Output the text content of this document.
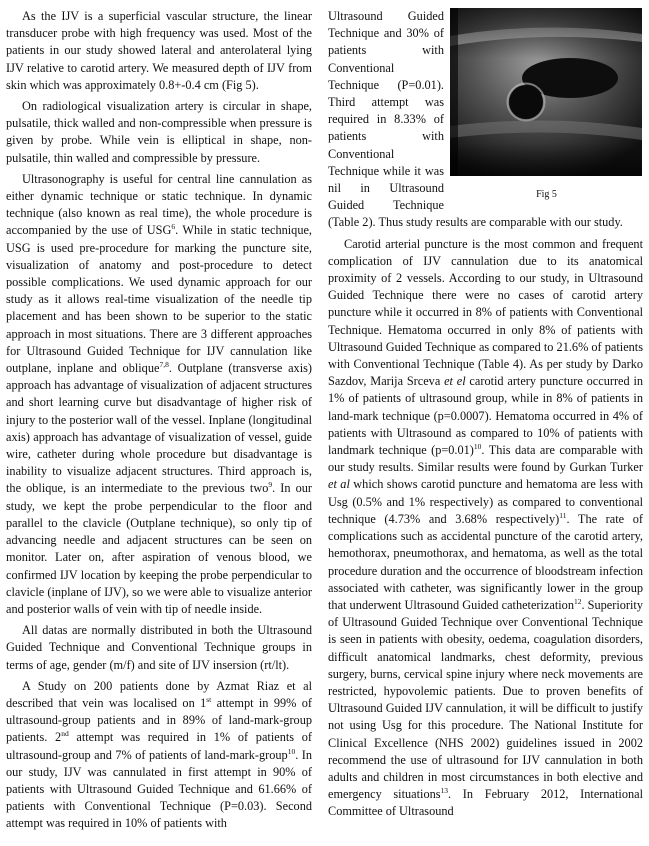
As the IJV is a superficial vascular structure, the linear transducer probe with high frequency was used. Most of the patients in our study showed lateral and anterolateral lying IJV relative to carotid artery. We measured depth of IJV from skin which was approximately 0.8+-0.4 cm (Fig 5).

On radiological visualization artery is circular in shape, pulsatile, thick walled and non-compressible when pressure is given by probe. While vein is elliptical in shape, non-pulsatile, thin walled and compressible by pressure.

Ultrasonography is useful for central line cannulation as either dynamic technique or static technique. In dynamic technique (also known as real time), the whole procedure is accompanied by the use of USG$^6$. While in static technique, USG is used pre-procedure for marking the puncture site, visualization of anatomy and post-procedure to detect possible complications. We used dynamic approach for our study as it allows real-time visualization of the needle tip placement and has been shown to be superior to the static approach in most situations. There are 3 different approaches for Ultrasound Guided Technique for IJV cannulation like outplane, inplane and oblique$^{7,8}$. Outplane (transverse axis) approach has advantage of visualization of adjacent structures and short learning curve but disadvantage of higher risk of injury to the posterior wall of the vessel. Inplane (longitudinal axis) approach has advantage of visualization of vessel, guide wire, catheter during whole procedure but disadvantage is inability to visualize adjacent structures. Third approach is, the oblique, is an intermediate to the previous two$^9$. In our study, we kept the probe perpendicular to the floor and parallel to the clavicle (Outplane technique), so only tip of advancing needle and adjacent structures can be seen on monitor. Later on, after aspiration of venous blood, we confirmed IJV location by keeping the probe perpendicular to clavicle (inplane of IJV), so we were able to visualize anterior and posterior walls of vein with tip of needle inside.

All datas are normally distributed in both the Ultrasound Guided Technique and Conventional Technique groups in terms of age, gender (m/f) and site of IJV insersion (rt/lt).

A Study on 200 patients done by Azmat Riaz et al described that vein was localised on 1st attempt in 99% of ultrasound-group patients and in 89% of land-mark-group patients. 2nd attempt was required in 1% of patients of ultrasound-group and 7% of patients of land-mark-group$^{10}$. In our study, IJV was cannulated in first attempt in 90% of patients with Ultrasound Guided Technique and 61.66% of patients with Conventional Technique (P=0.03). Second attempt was required in 10% of patients with

Fig 5

Ultrasound Guided Technique and 30% of patients with Conventional Technique (P=0.01). Third attempt was required in 8.33% of patients with Conventional Technique while it was nil in Ultrasound Guided Technique (Table 2). Thus study results are comparable with our study.

Carotid arterial puncture is the most common and frequent complication of IJV cannulation due to its anatomical proximity of 2 vessels. According to our study, in Ultrasound Guided Technique there were no cases of carotid artery puncture while it occurred in 8% of patients with Conventional Technique. Hematoma occurred in only 8% of patients with Ultrasound Guided Technique as compared to 21.6% of patients with Conventional Technique (Table 4). As per study by Darko Sazdov, Marija Srceva et el carotid artery puncture occurred in 1% of patients of ultrasound group, while in 8% of patients in land-mark technique (p=0.0007). Hematoma occurred in 4% of patients with Ultrasound as compared to 10% of patients with landmark technique (p=0.01)$^{10}$. This data are comparable with our study results. Similar results were found by Gurkan Turker et al which shows carotid puncture and hematoma are less with Usg (0.5% and 1% respectively) as compared to conventional technique (4.73% and 3.68% respectively)$^{11}$. The rate of complications such as accidental puncture of the carotid artery, hemothorax, pneumothorax, and hematoma, as well as the total procedure duration and the occurrence of bloodstream infection associated with catheter, was significantly lower in the group that underwent Ultrasound Guided catheterization$^{12}$. Superiority of Ultrasound Guided Technique over Conventional Technique is seen in patients with obesity, oedema, coagulation disorders, difficult anatomical landmarks, chest deformity, previous surgery, burns, cervical spine injury where neck movements are restricted, hypovolemic patients. Due to proven benefits of Ultrasound Guided IJV cannulation, it will be difficult to justify not using Usg for this procedure. The National Institute for Clinical Excellence (NHS 2002) guidelines issued in 2002 recommend the use of ultrasound for IJV cannulation in both adults and children in most circumstances in both elective and emergency situations$^{13}$. In February 2012, International Committee of Ultrasound
